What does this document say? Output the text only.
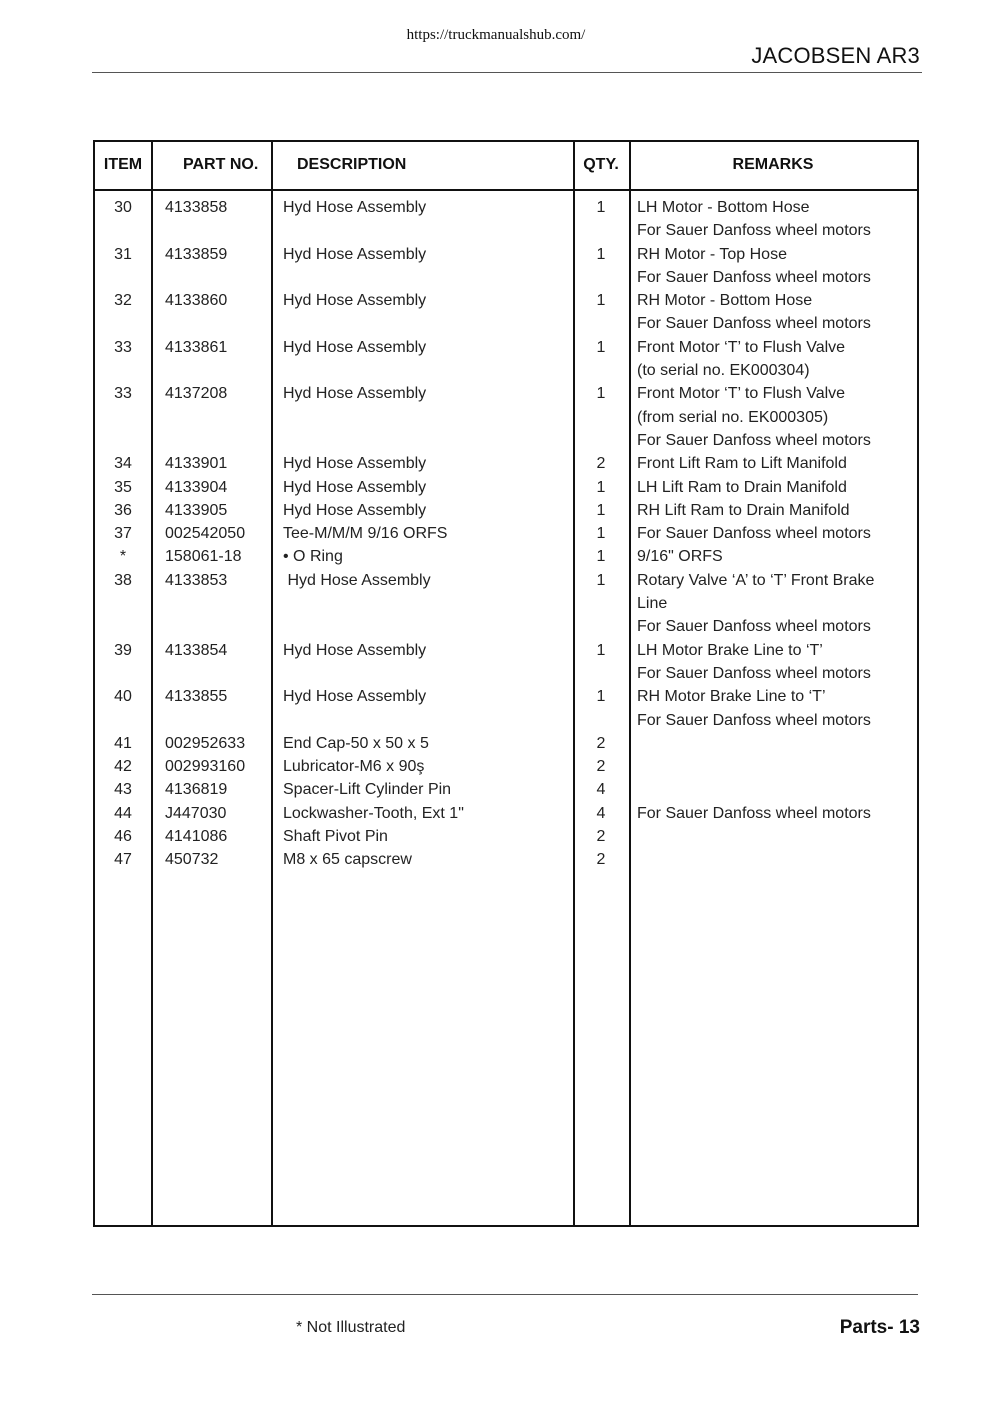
https://truckmanualshub.com/
JACOBSEN AR3
ITEM	PART NO. DESCRIPTION	QTY.	REMARKS
30	4133858	Hyd Hose Assembly	1	LH Motor - Bottom Hose
For Sauer Danfoss wheel motors
31	4133859	Hyd Hose Assembly	1	RH Motor - Top Hose
For Sauer Danfoss wheel motors
32	4133860	Hyd Hose Assembly	1	RH Motor - Bottom Hose
For Sauer Danfoss wheel motors
33	4133861	Hyd Hose Assembly	1	Front Motor ‘T’ to Flush Valve
(to serial no. EK000304)
33	4137208	Hyd Hose Assembly	1	Front Motor ‘T’ to Flush Valve
(from serial no. EK000305)
For Sauer Danfoss wheel motors
34	4133901	Hyd Hose Assembly	2	Front Lift Ram to Lift Manifold
35	4133904	Hyd Hose Assembly	1	LH Lift Ram to Drain Manifold
36	4133905	Hyd Hose Assembly	1	RH Lift Ram to Drain Manifold
37	002542050	Tee-M/M/M 9/16 ORFS	1	For Sauer Danfoss wheel motors
*	158061-18	• O Ring	1	9/16" ORFS
38	4133853	Hyd Hose Assembly	1	Rotary Valve ‘A’ to ‘T’ Front Brake
Line
For Sauer Danfoss wheel motors
39	4133854	Hyd Hose Assembly	1	LH Motor Brake Line to ‘T’
For Sauer Danfoss wheel motors
40	4133855	Hyd Hose Assembly	1	RH Motor Brake Line to ‘T’
For Sauer Danfoss wheel motors
41	002952633	End Cap-50 x 50 x 5	2

42	002993160	Lubricator-M6 x 90ş	2

43	4136819	Spacer-Lift Cylinder Pin	4

44	J447030	Lockwasher-Tooth, Ext 1"	4	For Sauer Danfoss wheel motors
46	4141086	Shaft Pivot Pin	2

47	450732	M8 x 65 capscrew	2

* Not Illustrated	Parts- 13
